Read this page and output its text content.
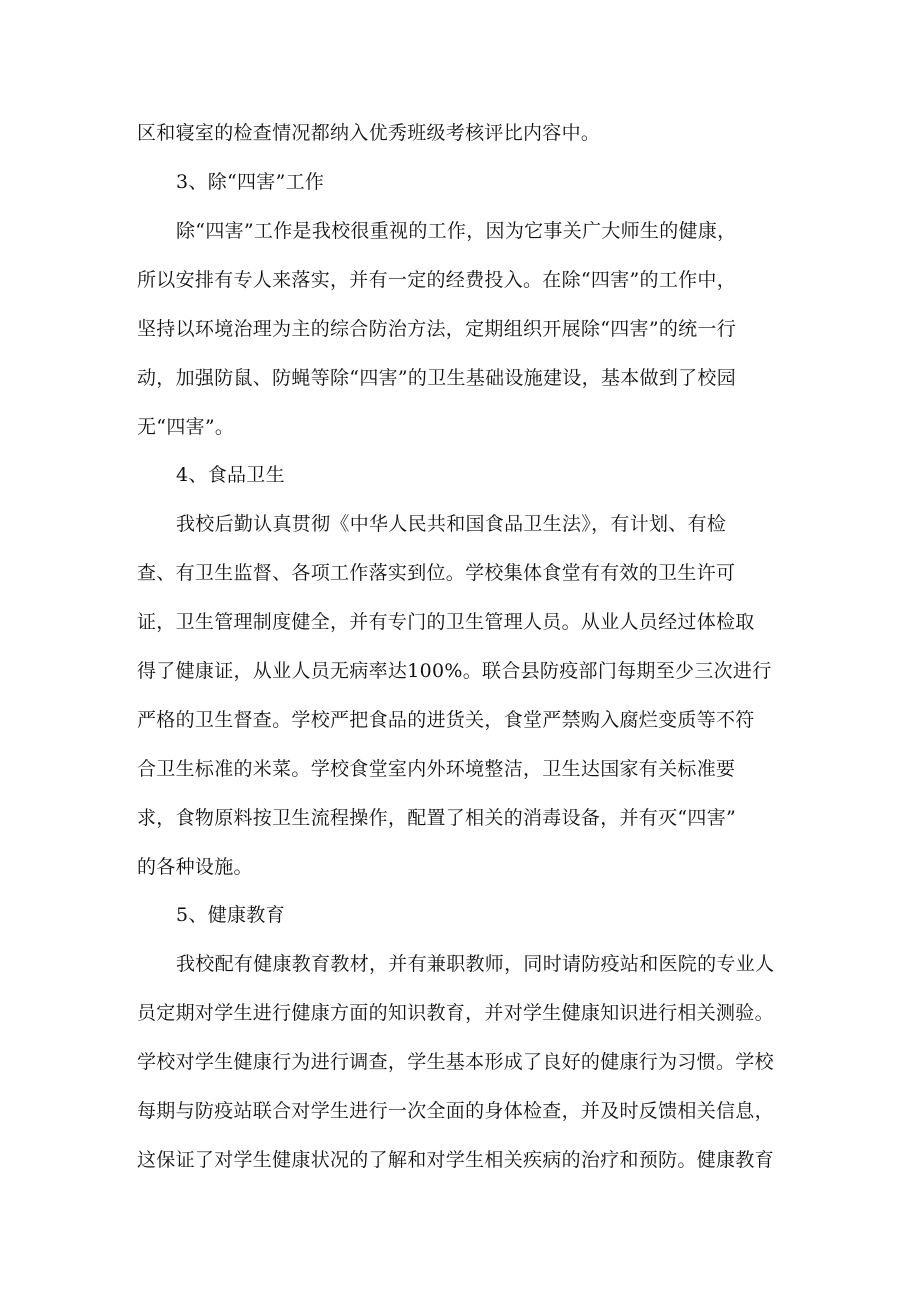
区和寝室的检查情况都纳入优秀班级考核评比内容中。
3、除“四害”工作
除“四害”工作是我校很重视的工作，因为它事关广大师生的健康，
所以安排有专人来落实，并有一定的经费投入。在除“四害”的工作中，
坚持以环境治理为主的综合防治方法，定期组织开展除“四害”的统一行
动，加强防鼠、防蝇等除“四害”的卫生基础设施建设，基本做到了校园
无“四害”。
4、食品卫生
我校后勤认真贯彻《中华人民共和国食品卫生法》，有计划、有检
查、有卫生监督、各项工作落实到位。学校集体食堂有有效的卫生许可
证，卫生管理制度健全，并有专门的卫生管理人员。从业人员经过体检取
得了健康证，从业人员无病率达100%。联合县防疫部门每期至少三次进行
严格的卫生督查。学校严把食品的进货关，食堂严禁购入腐烂变质等不符
合卫生标准的米菜。学校食堂室内外环境整洁，卫生达国家有关标准要
求，食物原料按卫生流程操作，配置了相关的消毒设备，并有灭“四害”
的各种设施。
5、健康教育
我校配有健康教育教材，并有兼职教师，同时请防疫站和医院的专业人
员定期对学生进行健康方面的知识教育，并对学生健康知识进行相关测验。
学校对学生健康行为进行调查，学生基本形成了良好的健康行为习惯。学校
每期与防疫站联合对学生进行一次全面的身体检查，并及时反馈相关信息，
这保证了对学生健康状况的了解和对学生相关疾病的治疗和预防。健康教育
